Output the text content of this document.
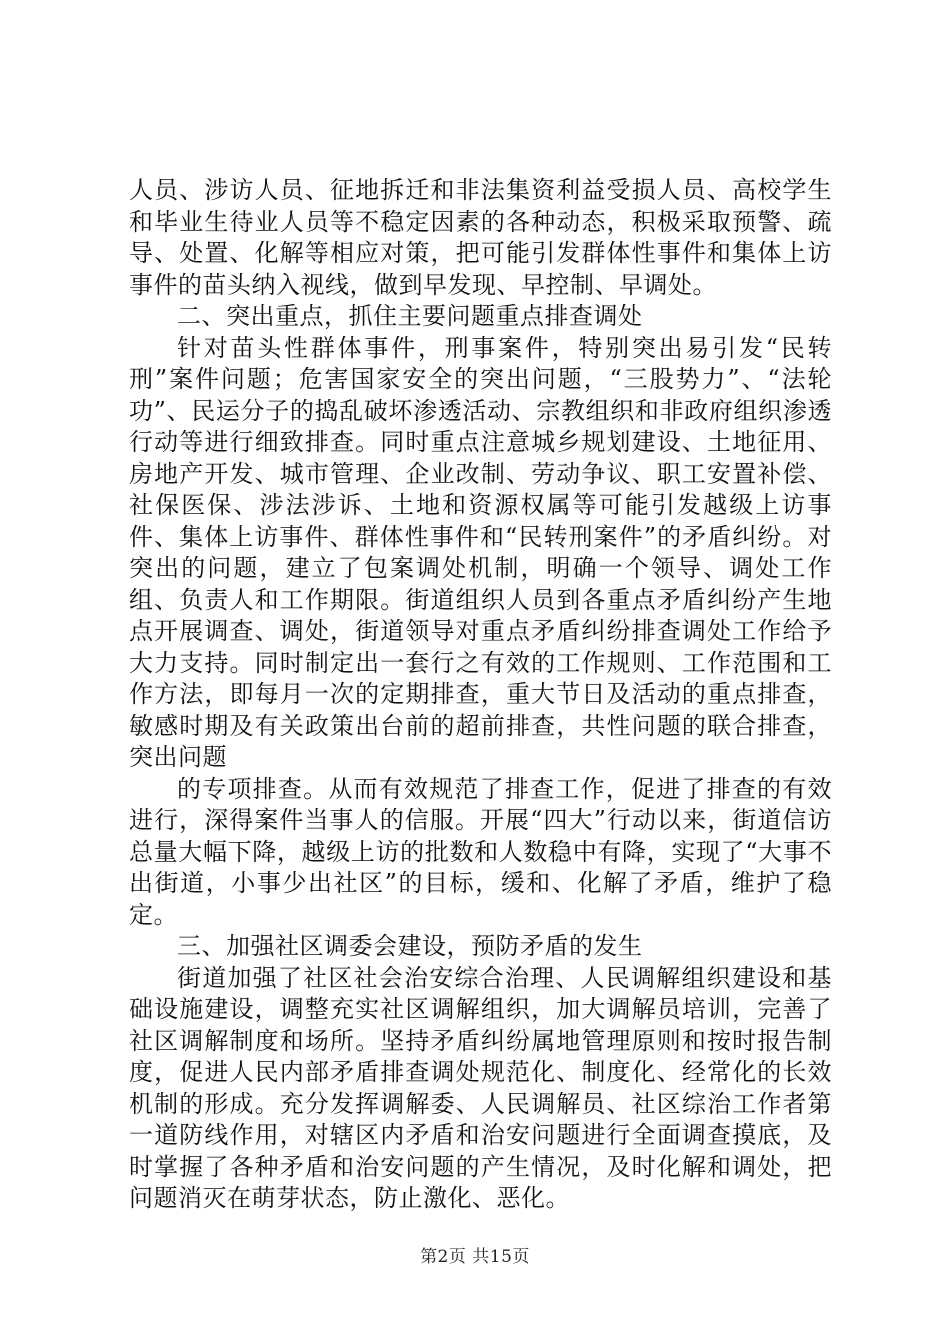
人员、涉访人员、征地拆迁和非法集资利益受损人员、高校学生和毕业生待业人员等不稳定因素的各种动态，积极采取预警、疏导、处置、化解等相应对策，把可能引发群体性事件和集体上访事件的苗头纳入视线，做到早发现、早控制、早调处。

二、突出重点，抓住主要问题重点排查调处

针对苗头性群体事件，刑事案件，特别突出易引发“民转刑”案件问题；危害国家安全的突出问题，“三股势力”、“法轮功”、民运分子的捣乱破坏渗透活动、宗教组织和非政府组织渗透行动等进行细致排查。同时重点注意城乡规划建设、土地征用、房地产开发、城市管理、企业改制、劳动争议、职工安置补偿、社保医保、涉法涉诉、土地和资源权属等可能引发越级上访事件、集体上访事件、群体性事件和“民转刑案件”的矛盾纠纷。对突出的问题，建立了包案调处机制，明确一个领导、调处工作组、负责人和工作期限。街道组织人员到各重点矛盾纠纷产生地点开展调查、调处，街道领导对重点矛盾纠纷排查调处工作给予大力支持。同时制定出一套行之有效的工作规则、工作范围和工作方法，即每月一次的定期排查，重大节日及活动的重点排查，敏感时期及有关政策出台前的超前排查，共性问题的联合排查，突出问题

的专项排查。从而有效规范了排查工作，促进了排查的有效进行，深得案件当事人的信服。开展“四大”行动以来，街道信访总量大幅下降，越级上访的批数和人数稳中有降，实现了“大事不出街道，小事少出社区”的目标，缓和、化解了矛盾，维护了稳定。

三、加强社区调委会建设，预防矛盾的发生

街道加强了社区社会治安综合治理、人民调解组织建设和基础设施建设，调整充实社区调解组织，加大调解员培训，完善了社区调解制度和场所。坚持矛盾纠纷属地管理原则和按时报告制度，促进人民内部矛盾排查调处规范化、制度化、经常化的长效机制的形成。充分发挥调解委、人民调解员、社区综治工作者第一道防线作用，对辖区内矛盾和治安问题进行全面调查摸底，及时掌握了各种矛盾和治安问题的产生情况，及时化解和调处，把问题消灭在萌芽状态，防止激化、恶化。

第2页 共15页
